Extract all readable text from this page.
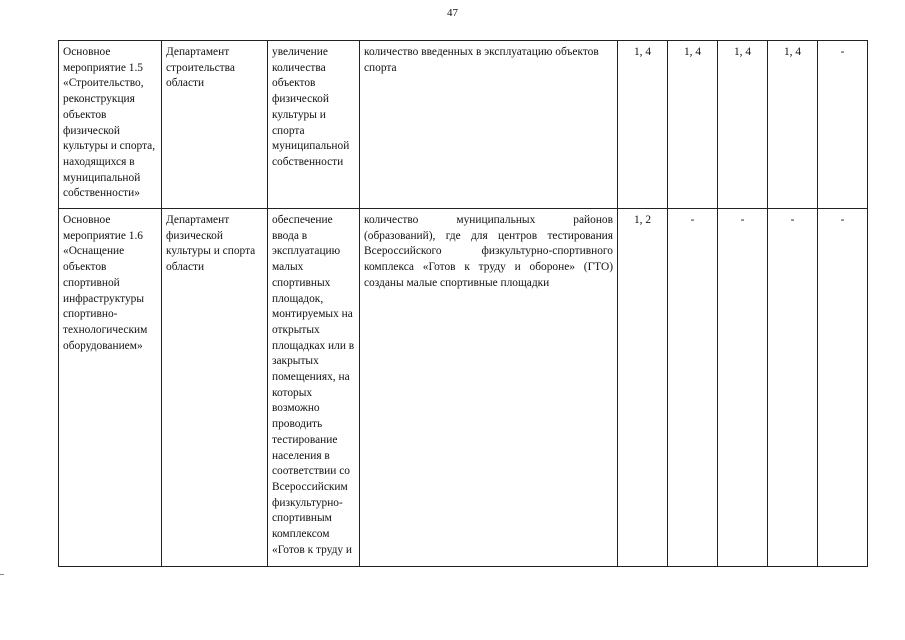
47
Основное мероприятие 1.5 «Строительство, реконструкция объектов физической культуры и спорта, находящихся в муниципальной собственности»	Департамент строительства области	увеличение количества объектов физической культуры и спорта муниципальной собственности	количество введенных в эксплуатацию объектов спорта	1, 4	1, 4	1, 4	1, 4	-

Основное мероприятие 1.6 «Оснащение объектов спортивной инфраструктуры спортивно-технологическим оборудованием»	Департамент физической культуры и спорта области	обеспечение ввода в эксплуатацию малых спортивных площадок, монтируемых на открытых площадках или в закрытых помещениях, на которых возможно проводить тестирование населения в соответствии со Всероссийским физкультурно-спортивным комплексом «Готов к труду и	количество муниципальных районов (образований), где для центров тестирования Всероссийского физкультурно-спортивного комплекса «Готов к труду и обороне» (ГТО) созданы малые спортивные площадки	1, 2	-	-	-	-
